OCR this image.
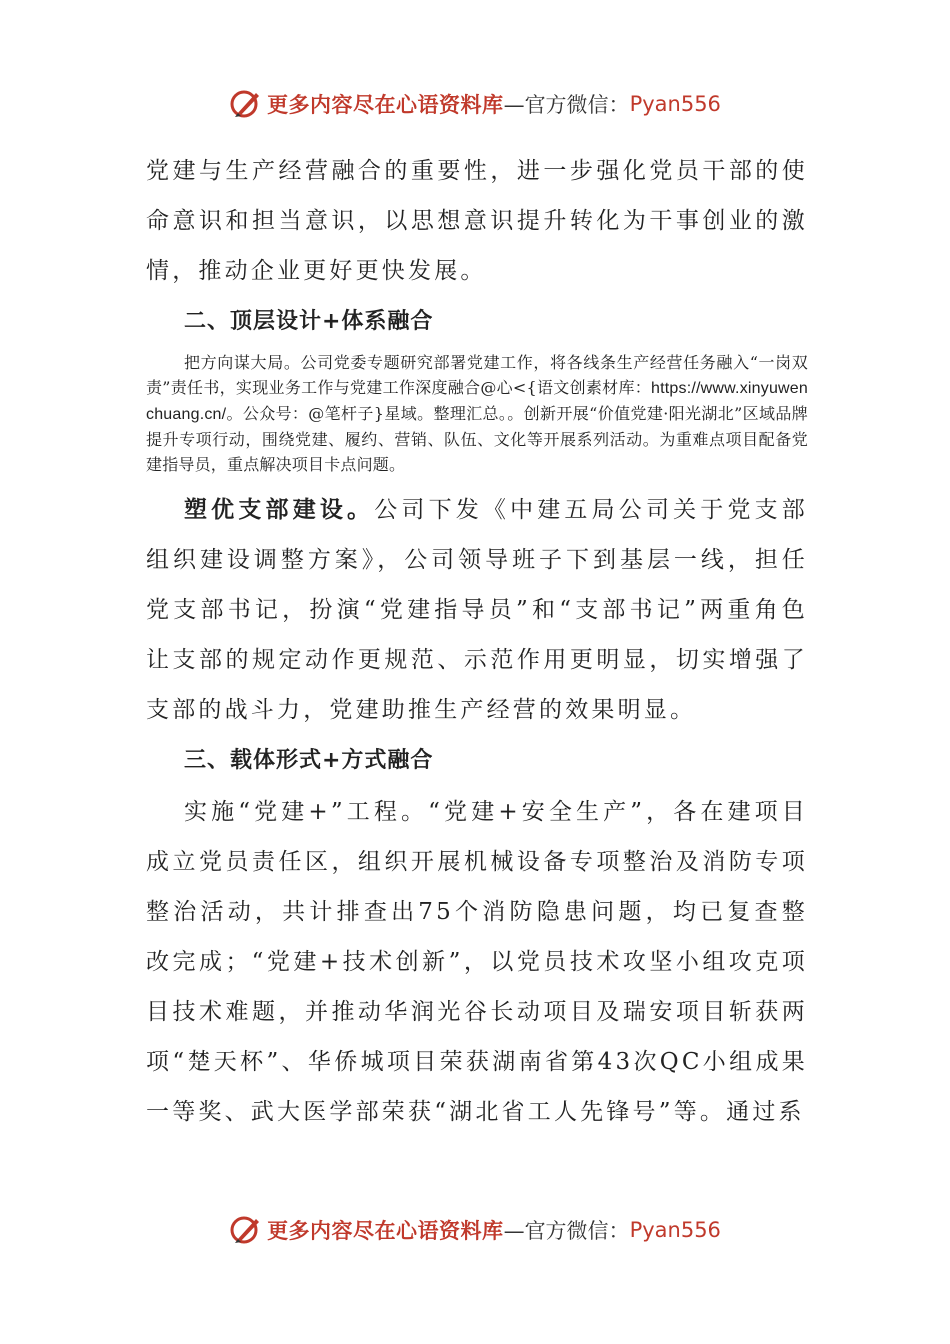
更多内容尽在心语资料库 —官方微信： Pyan556

党建与生产经营融合的重要性，进一步强化党员干部的使命意识和担当意识，以思想意识提升转化为干事创业的激情，推动企业更好更快发展。

二、顶层设计+体系融合

把方向谋大局。公司党委专题研究部署党建工作，将各线条生产经营任务融入“一岗双责”责任书，实现业务工作与党建工作深度融合@心<{语文创素材库：https://www.xinyuwenchuang.cn/。公众号：@笔杆子}星域。整理汇总。。创新开展“价值党建·阳光湖北”区域品牌提升专项行动，围绕党建、履约、营销、队伍、文化等开展系列活动。为重难点项目配备党建指导员，重点解决项目卡点问题。

塑优支部建设。公司下发《中建五局公司关于党支部组织建设调整方案》，公司领导班子下到基层一线，担任党支部书记，扮演“党建指导员”和“支部书记”两重角色让支部的规定动作更规范、示范作用更明显，切实增强了支部的战斗力，党建助推生产经营的效果明显。

三、载体形式+方式融合

实施“党建+”工程。“党建+安全生产”，各在建项目成立党员责任区，组织开展机械设备专项整治及消防专项整治活动，共计排查出75个消防隐患问题，均已复查整改完成；“党建+技术创新”，以党员技术攻坚小组攻克项目技术难题，并推动华润光谷长动项目及瑞安项目斩获两项“楚天杯”、华侨城项目荣获湖南省第43次QC小组成果一等奖、武大医学部荣获“湖北省工人先锋号”等。通过系

更多内容尽在心语资料库 —官方微信： Pyan556
